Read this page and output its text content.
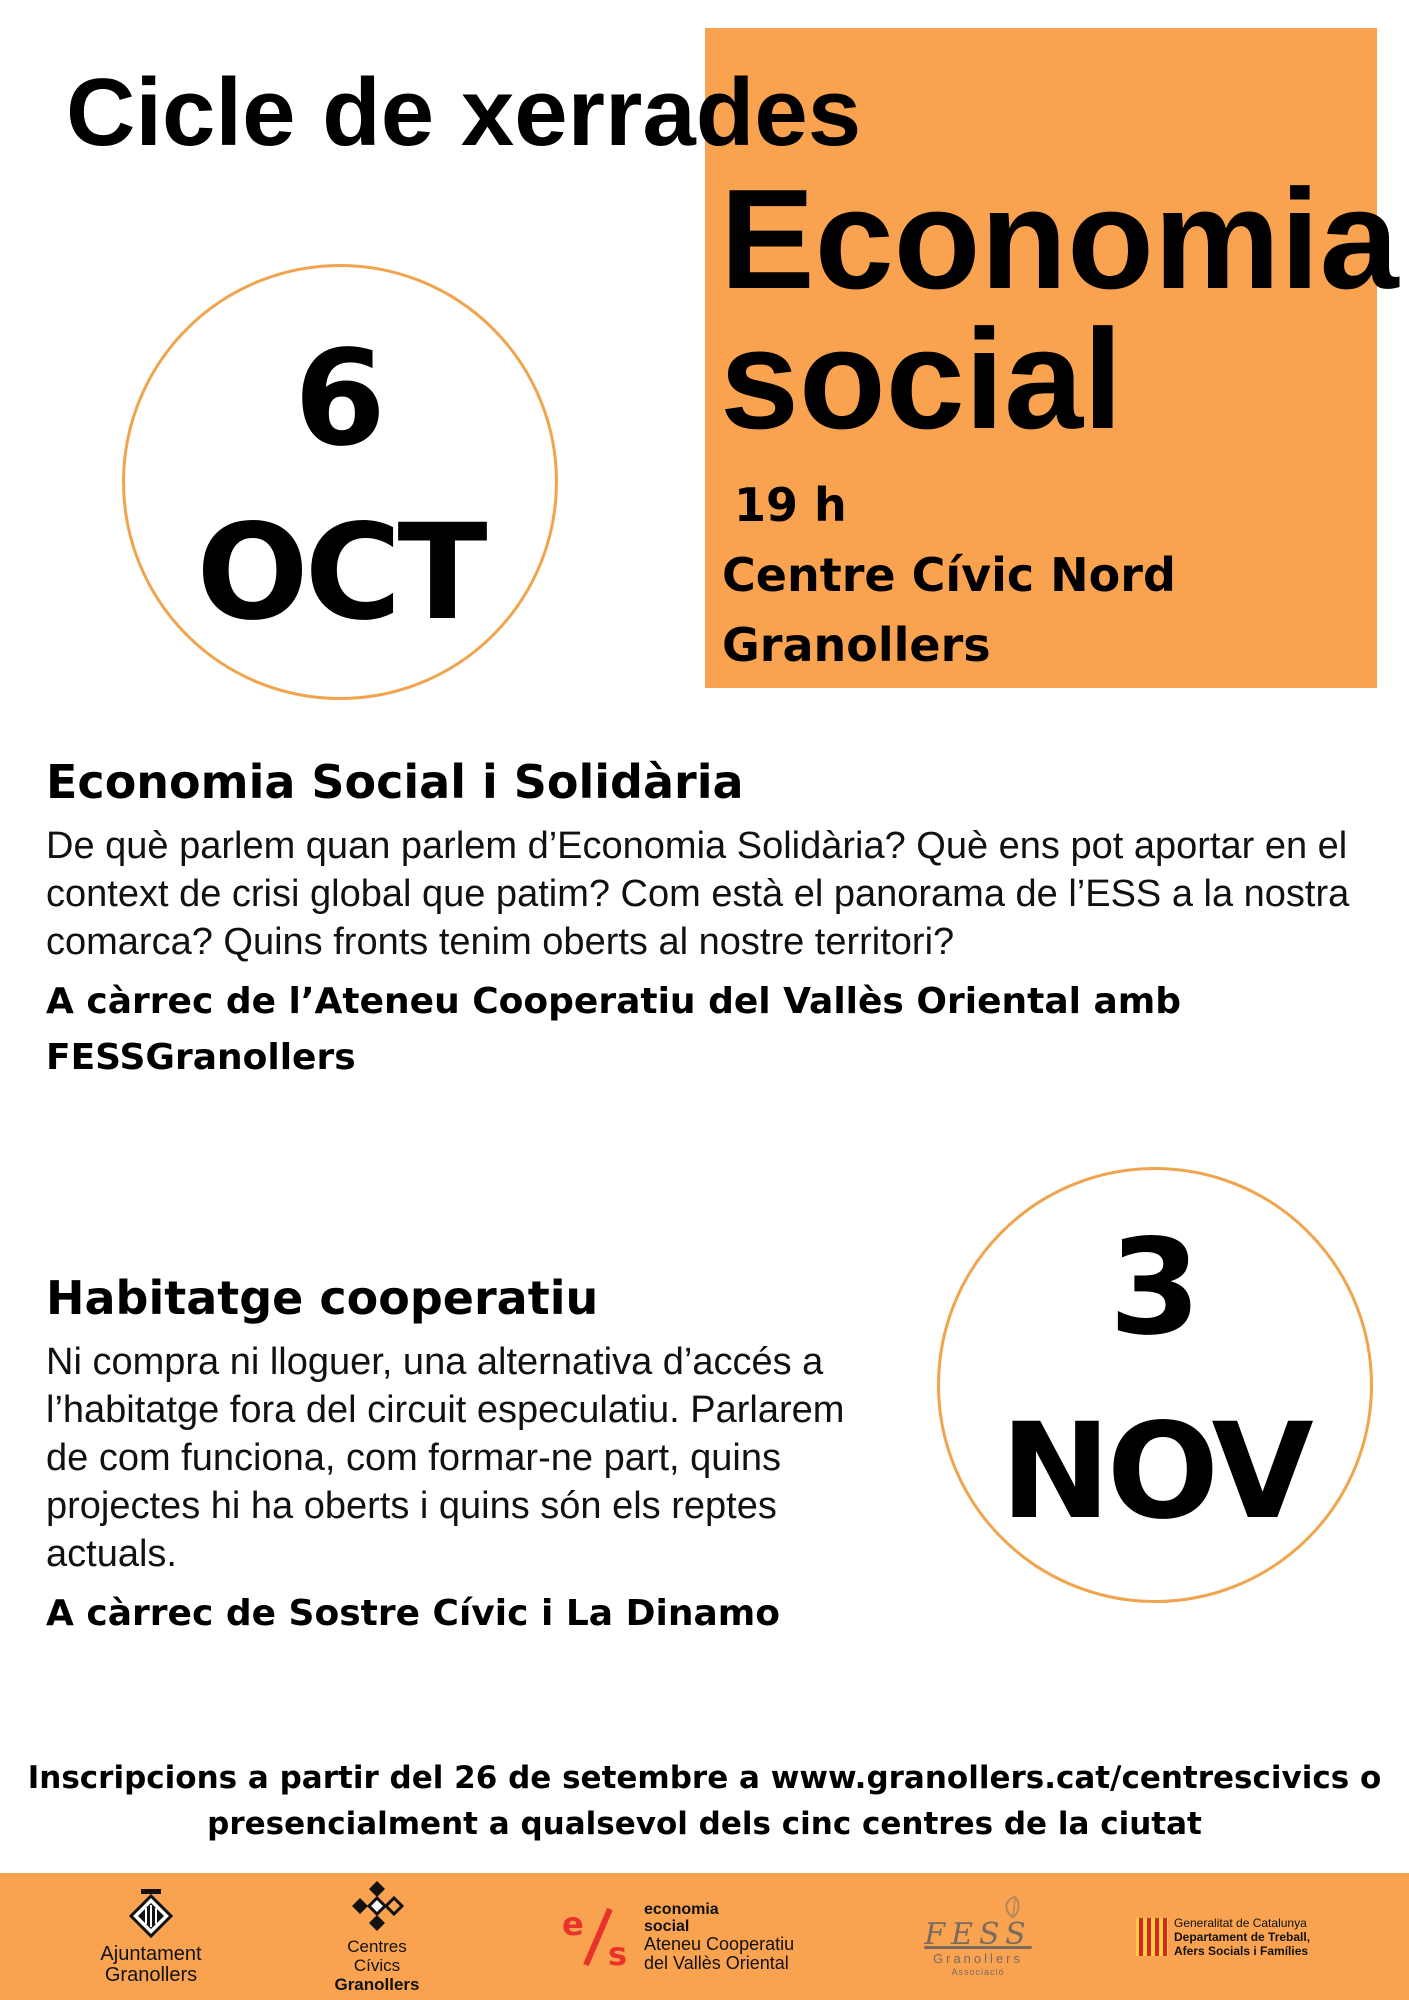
Cicle de xerrades
Economia
social
19 h
Centre Cívic Nord
Granollers
6
OCT
Economia Social i Solidària

De què parlem quan parlem d’Economia Solidària? Què ens pot aportar en el context de crisi global que patim? Com està el panorama de l’ESS a la nostra comarca? Quins fronts tenim oberts al nostre territori?

A càrrec de l’Ateneu Cooperatiu del Vallès Oriental amb FESSGranollers
Habitatge cooperatiu

Ni compra ni lloguer, una alternativa d’accés a l’habitatge fora del circuit especulatiu. Parlarem de com funciona, com formar-ne part, quins projectes hi ha oberts i quins són els reptes actuals.

A càrrec de Sostre Cívic i La Dinamo
3
NOV
Inscripcions a partir del 26 de setembre a www.granollers.cat/centrescivics o
presencialment a qualsevol dels cinc centres de la ciutat
Ajuntament
Granollers
Centres Cívics
Granollers
e
s
economia
social
Ateneu Cooperatiu
del Vallès Oriental
FESS
Granollers
Associació
Generalitat de Catalunya
Departament de Treball,
Afers Socials i Famílies
